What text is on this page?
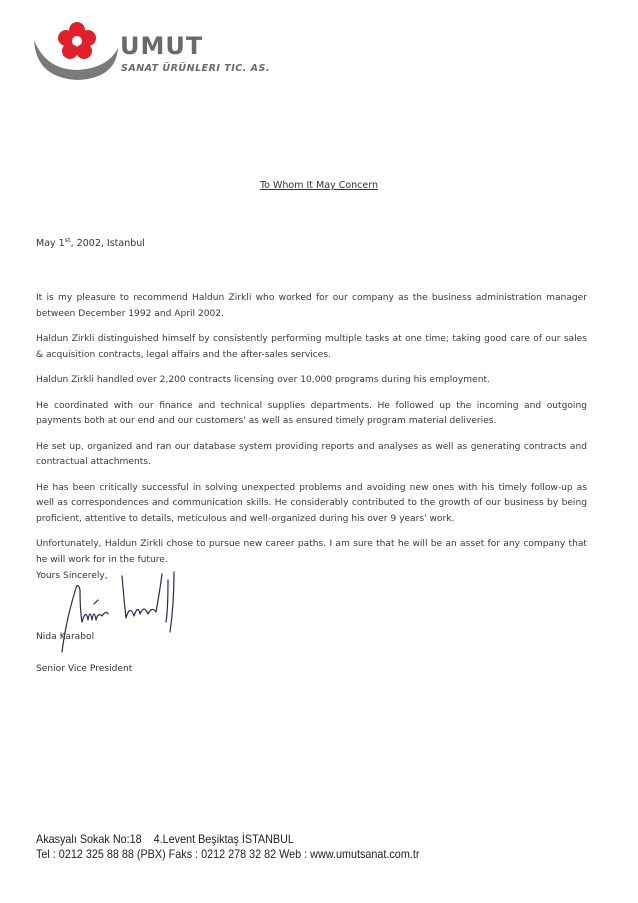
UMUT
SANAT ÜRÜNLERI TIC. AS.
To Whom It May Concern
May 1st, 2002, Istanbul

It is my pleasure to recommend Haldun Zirkli who worked for our company as the business administration manager between December 1992 and April 2002.

Haldun Zirkli distinguished himself by consistently performing multiple tasks at one time; taking good care of our sales & acquisition contracts, legal affairs and the after-sales services.

Haldun Zirkli handled over 2,200 contracts licensing over 10,000 programs during his employment.

He coordinated with our finance and technical supplies departments. He followed up the incoming and outgoing payments both at our end and our customers' as well as ensured timely program material deliveries.

He set up, organized and ran our database system providing reports and analyses as well as generating contracts and contractual attachments.

He has been critically successful in solving unexpected problems and avoiding new ones with his timely follow-up as well as correspondences and communication skills. He considerably contributed to the growth of our business by being proficient, attentive to details, meticulous and well-organized during his over 9 years' work.

Unfortunately, Haldun Zirkli chose to pursue new career paths. I am sure that he will be an asset for any company that he will work for in the future.

Yours Sincerely,
Nida Karabol
Senior Vice President
Akasyalı Sokak No:18    4.Levent Beşiktaş İSTANBUL
Tel : 0212 325 88 88 (PBX) Faks : 0212 278 32 82 Web : www.umutsanat.com.tr
